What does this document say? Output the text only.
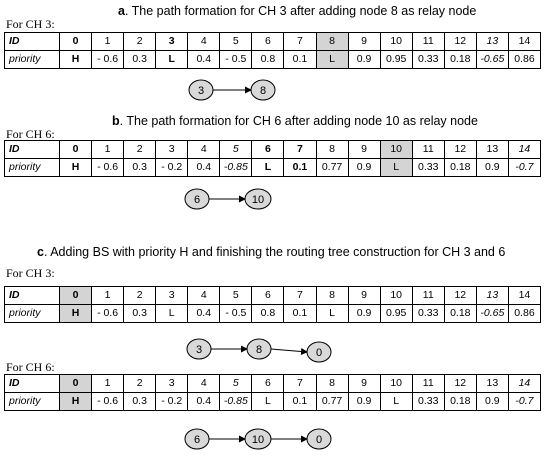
a. The path formation for CH 3 after adding node 8 as relay node
For CH 3:
ID	0	1	2	3	4	5	6	7	8	9	10	11	12	13	14
priority	H	- 0.6	0.3	L	0.4	- 0.5	0.8	0.1	L	0.9	0.95	0.33	0.18	-0.65	0.86
3	8
b. The path formation for CH 6 after adding node 10 as relay node
For CH 6:
ID	0	1	2	3	4	5	6	7	8	9	10	11	12	13	14
priority	H	- 0.6	0.3	- 0.2	0.4	-0.85	L	0.1	0.77	0.9	L	0.33	0.18	0.9	-0.7
6	10
c. Adding BS with priority H and finishing the routing tree construction for CH 3 and 6
For CH 3:
ID	0	1	2	3	4	5	6	7	8	9	10	11	12	13	14
priority	H	- 0.6	0.3	L	0.4	- 0.5	0.8	0.1	L	0.9	0.95	0.33	0.18	-0.65	0.86
3	8	0
For CH 6:
ID	0	1	2	3	4	5	6	7	8	9	10	11	12	13	14
priority	H	- 0.6	0.3	- 0.2	0.4	-0.85	L	0.1	0.77	0.9	L	0.33	0.18	0.9	-0.7
6	10	0
